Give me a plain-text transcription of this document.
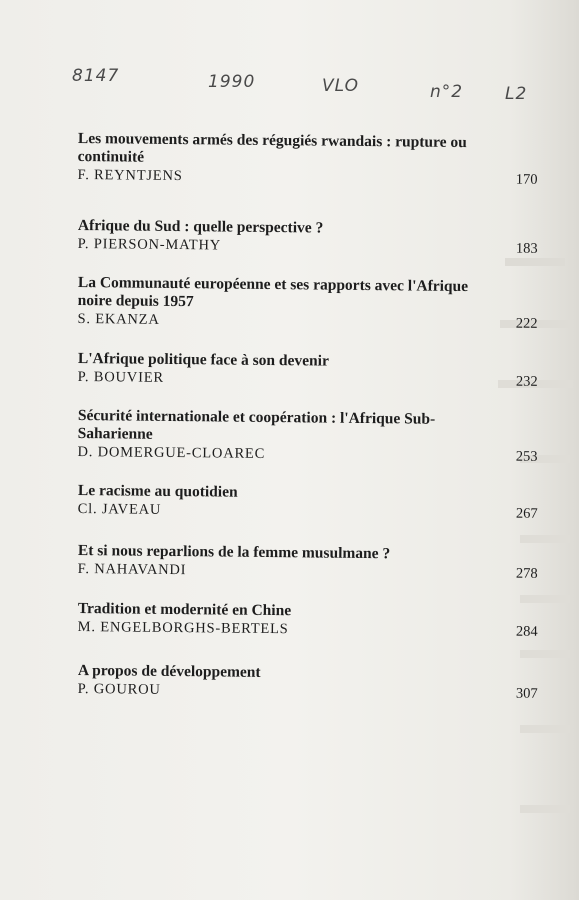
8147	1990	VLO	n°2 L2
Les mouvements armés des régugiés rwandais : rupture ou continuité
F. REYNTJENS	170
Afrique du Sud : quelle perspective ?
P. PIERSON-MATHY	183
La Communauté européenne et ses rapports avec l'Afrique noire depuis 1957
S. EKANZA	222
L'Afrique politique face à son devenir
P. BOUVIER	232
Sécurité internationale et coopération : l'Afrique Sub-Saharienne
D. DOMERGUE-CLOAREC	253
Le racisme au quotidien
Cl. JAVEAU	267
Et si nous reparlions de la femme musulmane ?
F. NAHAVANDI	278
Tradition et modernité en Chine
M. ENGELBORGHS-BERTELS	284
A propos de développement
P. GOUROU	307
